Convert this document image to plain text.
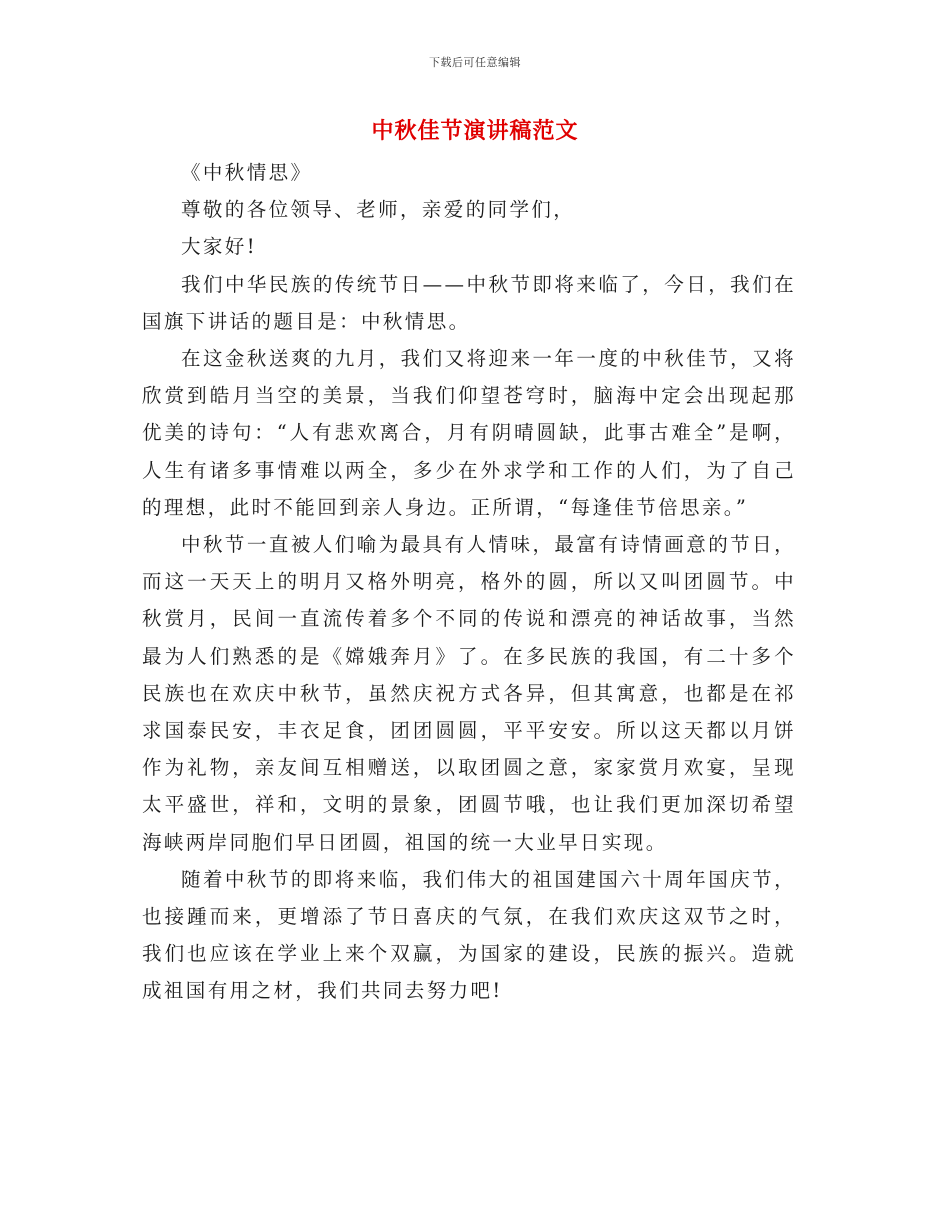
下载后可任意编辑
中秋佳节演讲稿范文

《中秋情思》

尊敬的各位领导、老师，亲爱的同学们，

大家好!

我们中华民族的传统节日——中秋节即将来临了，今日，我们在国旗下讲话的题目是：中秋情思。

在这金秋送爽的九月，我们又将迎来一年一度的中秋佳节，又将欣赏到皓月当空的美景，当我们仰望苍穹时，脑海中定会出现起那优美的诗句：“人有悲欢离合，月有阴晴圆缺，此事古难全”是啊，人生有诸多事情难以两全，多少在外求学和工作的人们，为了自己的理想，此时不能回到亲人身边。正所谓，“每逢佳节倍思亲。”

中秋节一直被人们喻为最具有人情味，最富有诗情画意的节日，而这一天天上的明月又格外明亮，格外的圆，所以又叫团圆节。中秋赏月，民间一直流传着多个不同的传说和漂亮的神话故事，当然最为人们熟悉的是《嫦娥奔月》了。在多民族的我国，有二十多个民族也在欢庆中秋节，虽然庆祝方式各异，但其寓意，也都是在祁求国泰民安，丰衣足食，团团圆圆，平平安安。所以这天都以月饼作为礼物，亲友间互相赠送，以取团圆之意，家家赏月欢宴，呈现太平盛世，祥和，文明的景象，团圆节哦，也让我们更加深切希望海峡两岸同胞们早日团圆，祖国的统一大业早日实现。

随着中秋节的即将来临，我们伟大的祖国建国六十周年国庆节，也接踵而来，更增添了节日喜庆的气氛，在我们欢庆这双节之时，我们也应该在学业上来个双赢，为国家的建设，民族的振兴。造就成祖国有用之材，我们共同去努力吧!
